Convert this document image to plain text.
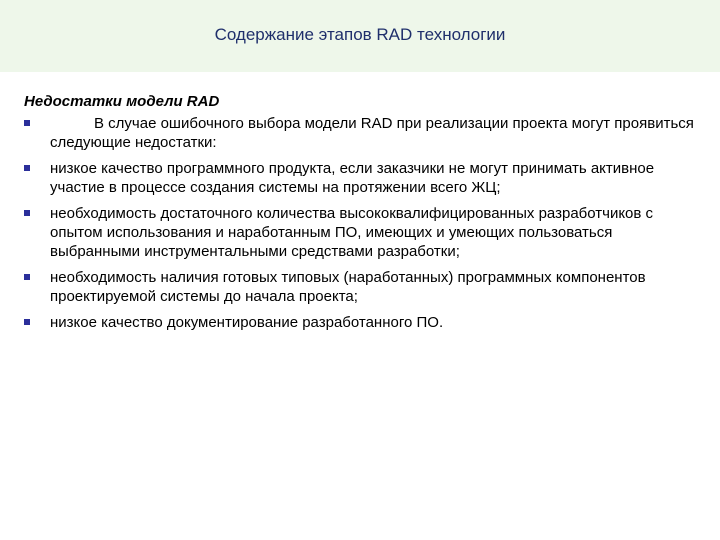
Содержание этапов RAD технологии
Недостатки модели RAD
В случае ошибочного выбора модели RAD при реализации проекта могут проявиться следующие недостатки:
низкое качество программного продукта, если заказчики не могут принимать активное участие в процессе создания системы на протяжении всего ЖЦ;
необходимость достаточного количества высококвалифицированных разработчиков с опытом использования и наработанным ПО, имеющих и умеющих пользоваться выбранными инструментальными средствами разработки;
необходимость наличия готовых типовых (наработанных) программных компонентов проектируемой системы до начала проекта;
низкое качество документирование разработанного ПО.
